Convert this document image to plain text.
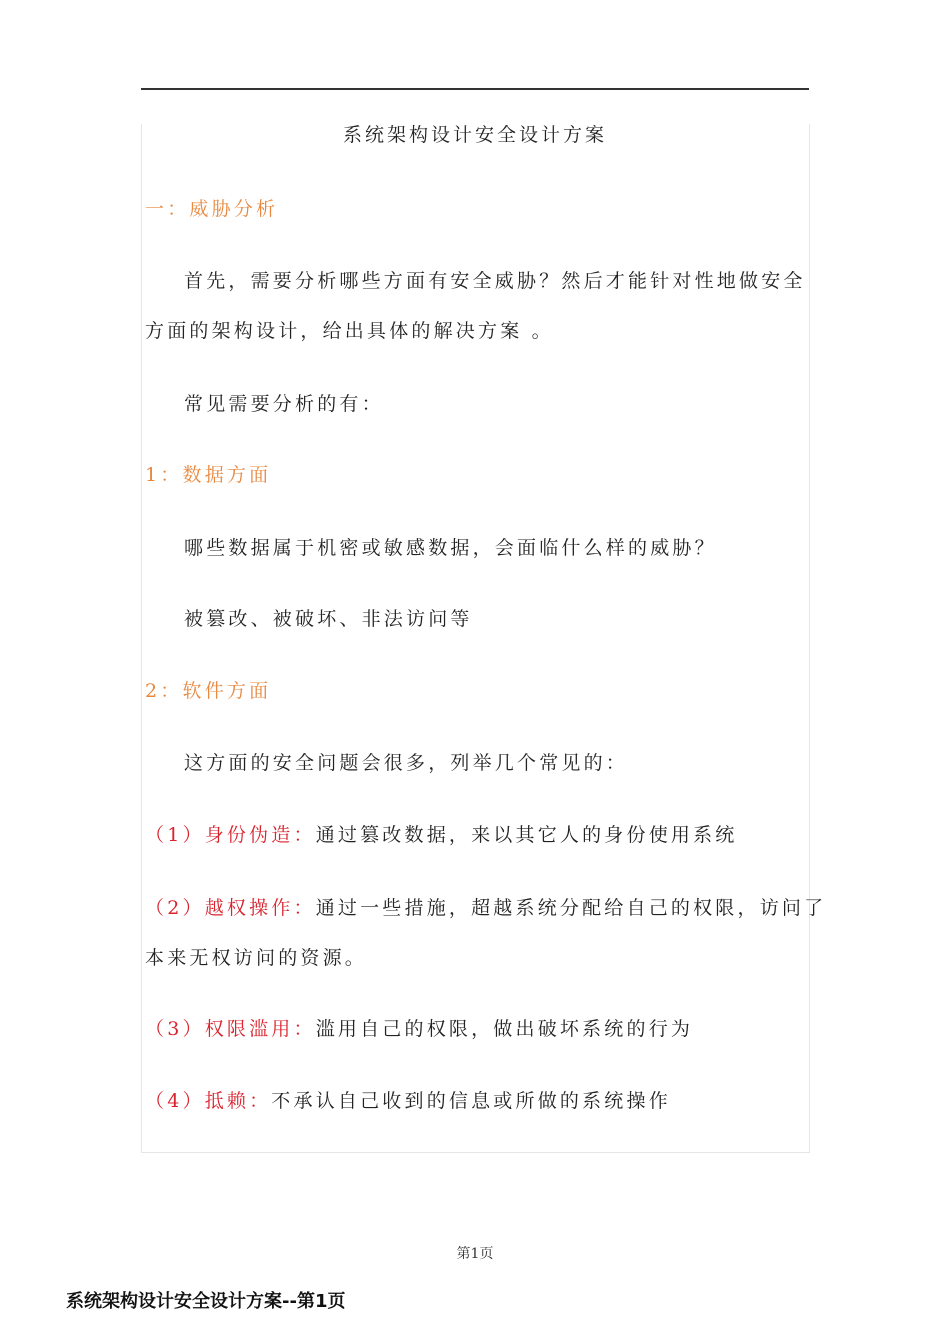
系统架构设计安全设计方案
一：威胁分析
首先，需要分析哪些方面有安全威胁？然后才能针对性地做安全
方面的架构设计，给出具体的解决方案 。
常见需要分析的有：
1：数据方面
哪些数据属于机密或敏感数据，会面临什么样的威胁？
被篡改、被破坏、非法访问等
2：软件方面
这方面的安全问题会很多，列举几个常见的：
（1）身份伪造：通过篡改数据，来以其它人的身份使用系统
（2）越权操作：通过一些措施，超越系统分配给自己的权限，访问了
本来无权访问的资源。
（3）权限滥用：滥用自己的权限，做出破坏系统的行为
（4）抵赖：不承认自己收到的信息或所做的系统操作
第1页
系统架构设计安全设计方案--第1页
